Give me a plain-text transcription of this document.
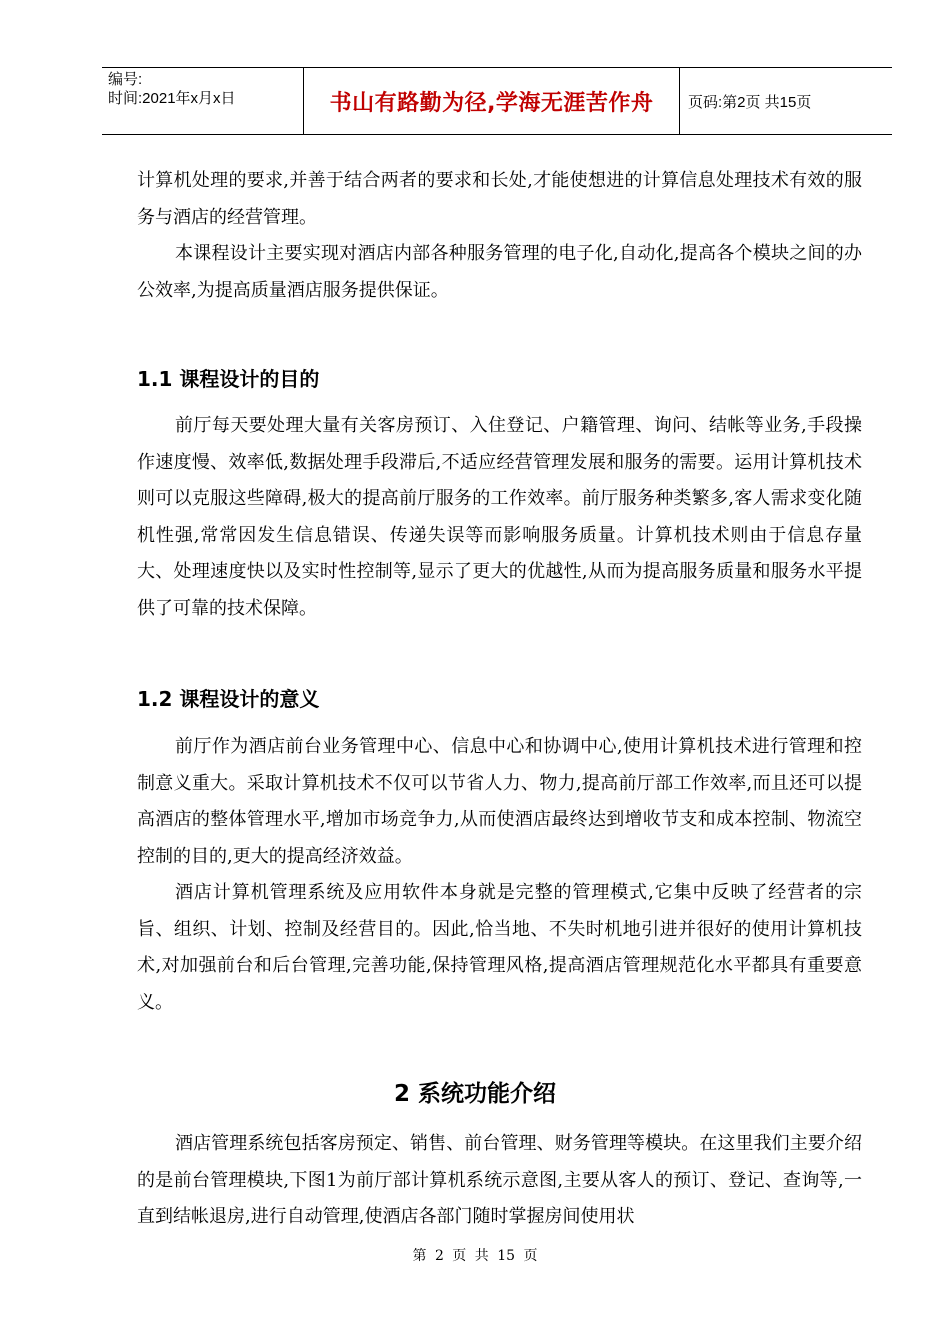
编号:
时间:2021年x月x日	书山有路勤为径,学海无涯苦作舟	页码:第2页 共15页

计算机处理的要求,并善于结合两者的要求和长处,才能使想进的计算信息处理技术有效的服务与酒店的经营管理。

本课程设计主要实现对酒店内部各种服务管理的电子化,自动化,提高各个模块之间的办公效率,为提高质量酒店服务提供保证。

1.1 课程设计的目的

前厅每天要处理大量有关客房预订、入住登记、户籍管理、询问、结帐等业务,手段操作速度慢、效率低,数据处理手段滞后,不适应经营管理发展和服务的需要。运用计算机技术则可以克服这些障碍,极大的提高前厅服务的工作效率。前厅服务种类繁多,客人需求变化随机性强,常常因发生信息错误、传递失误等而影响服务质量。计算机技术则由于信息存量大、处理速度快以及实时性控制等,显示了更大的优越性,从而为提高服务质量和服务水平提供了可靠的技术保障。

1.2 课程设计的意义

前厅作为酒店前台业务管理中心、信息中心和协调中心,使用计算机技术进行管理和控制意义重大。采取计算机技术不仅可以节省人力、物力,提高前厅部工作效率,而且还可以提高酒店的整体管理水平,增加市场竞争力,从而使酒店最终达到增收节支和成本控制、物流空控制的目的,更大的提高经济效益。

酒店计算机管理系统及应用软件本身就是完整的管理模式,它集中反映了经营者的宗旨、组织、计划、控制及经营目的。因此,恰当地、不失时机地引进并很好的使用计算机技术,对加强前台和后台管理,完善功能,保持管理风格,提高酒店管理规范化水平都具有重要意义。

2 系统功能介绍

酒店管理系统包括客房预定、销售、前台管理、财务管理等模块。在这里我们主要介绍的是前台管理模块,下图1为前厅部计算机系统示意图,主要从客人的预订、登记、查询等,一直到结帐退房,进行自动管理,使酒店各部门随时掌握房间使用状

第 2 页 共 15 页
